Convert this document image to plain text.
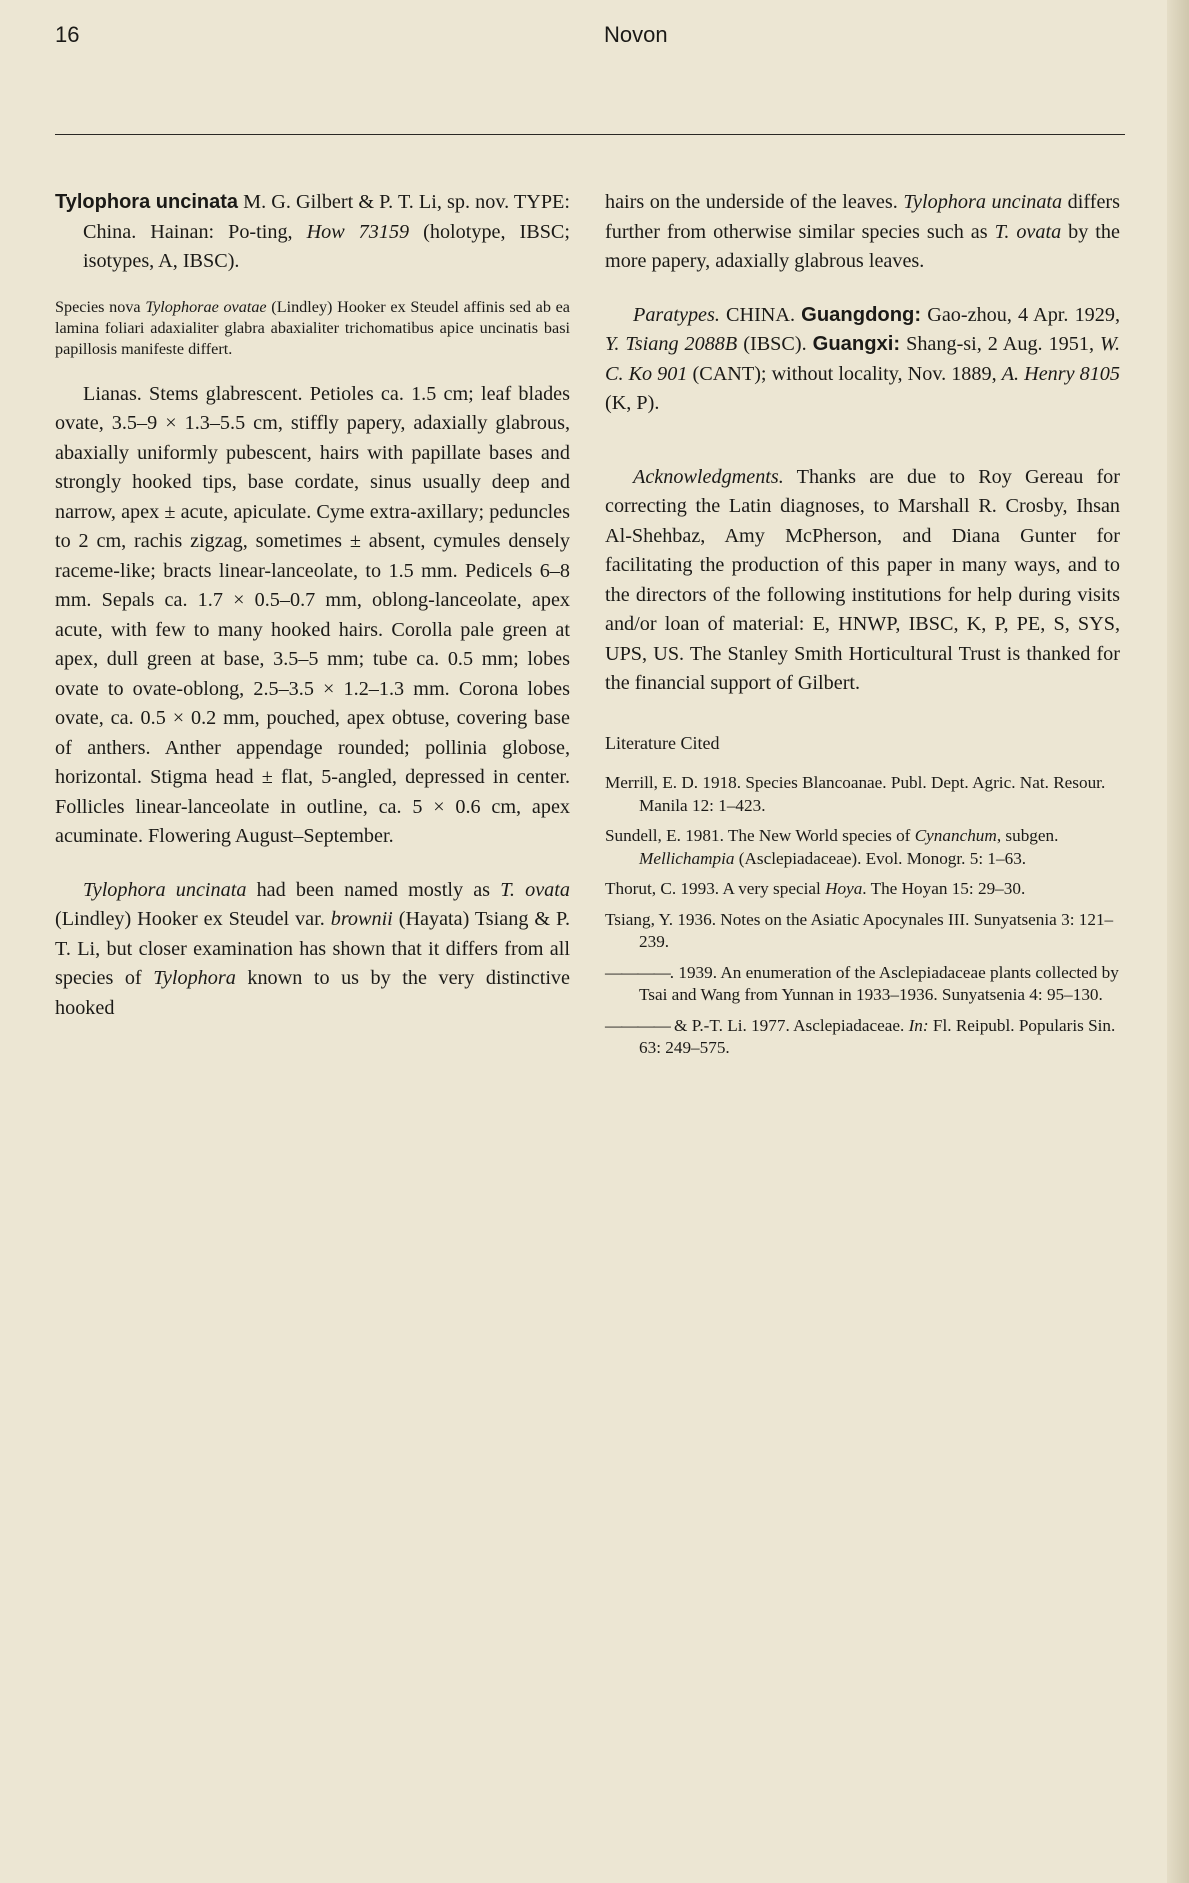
16	Novon

Tylophora uncinata M. G. Gilbert & P. T. Li, sp. nov. TYPE: China. Hainan: Po-ting, How 73159 (holotype, IBSC; isotypes, A, IBSC).

Species nova Tylophorae ovatae (Lindley) Hooker ex Steudel affinis sed ab ea lamina foliari adaxialiter glabra abaxialiter trichomatibus apice uncinatis basi papillosis manifeste differt.

Lianas. Stems glabrescent. Petioles ca. 1.5 cm; leaf blades ovate, 3.5–9 × 1.3–5.5 cm, stiffly papery, adaxially glabrous, abaxially uniformly pubescent, hairs with papillate bases and strongly hooked tips, base cordate, sinus usually deep and narrow, apex ± acute, apiculate. Cyme extra-axillary; peduncles to 2 cm, rachis zigzag, sometimes ± absent, cymules densely raceme-like; bracts linear-lanceolate, to 1.5 mm. Pedicels 6–8 mm. Sepals ca. 1.7 × 0.5–0.7 mm, oblong-lanceolate, apex acute, with few to many hooked hairs. Corolla pale green at apex, dull green at base, 3.5–5 mm; tube ca. 0.5 mm; lobes ovate to ovate-oblong, 2.5–3.5 × 1.2–1.3 mm. Corona lobes ovate, ca. 0.5 × 0.2 mm, pouched, apex obtuse, covering base of anthers. Anther appendage rounded; pollinia globose, horizontal. Stigma head ± flat, 5-angled, depressed in center. Follicles linear-lanceolate in outline, ca. 5 × 0.6 cm, apex acuminate. Flowering August–September.

Tylophora uncinata had been named mostly as T. ovata (Lindley) Hooker ex Steudel var. brownii (Hayata) Tsiang & P. T. Li, but closer examination has shown that it differs from all species of Tylophora known to us by the very distinctive hooked

hairs on the underside of the leaves. Tylophora uncinata differs further from otherwise similar species such as T. ovata by the more papery, adaxially glabrous leaves.

Paratypes. CHINA. Guangdong: Gao-zhou, 4 Apr. 1929, Y. Tsiang 2088B (IBSC). Guangxi: Shang-si, 2 Aug. 1951, W. C. Ko 901 (CANT); without locality, Nov. 1889, A. Henry 8105 (K, P).

Acknowledgments. Thanks are due to Roy Gereau for correcting the Latin diagnoses, to Marshall R. Crosby, Ihsan Al-Shehbaz, Amy McPherson, and Diana Gunter for facilitating the production of this paper in many ways, and to the directors of the following institutions for help during visits and/or loan of material: E, HNWP, IBSC, K, P, PE, S, SYS, UPS, US. The Stanley Smith Horticultural Trust is thanked for the financial support of Gilbert.

Literature Cited

Merrill, E. D. 1918. Species Blancoanae. Publ. Dept. Agric. Nat. Resour. Manila 12: 1–423.

Sundell, E. 1981. The New World species of Cynanchum, subgen. Mellichampia (Asclepiadaceae). Evol. Monogr. 5: 1–63.

Thorut, C. 1993. A very special Hoya. The Hoyan 15: 29–30.

Tsiang, Y. 1936. Notes on the Asiatic Apocynales III. Sunyatsenia 3: 121–239.

————. 1939. An enumeration of the Asclepiadaceae plants collected by Tsai and Wang from Yunnan in 1933–1936. Sunyatsenia 4: 95–130.

———— & P.-T. Li. 1977. Asclepiadaceae. In: Fl. Reipubl. Popularis Sin. 63: 249–575.
